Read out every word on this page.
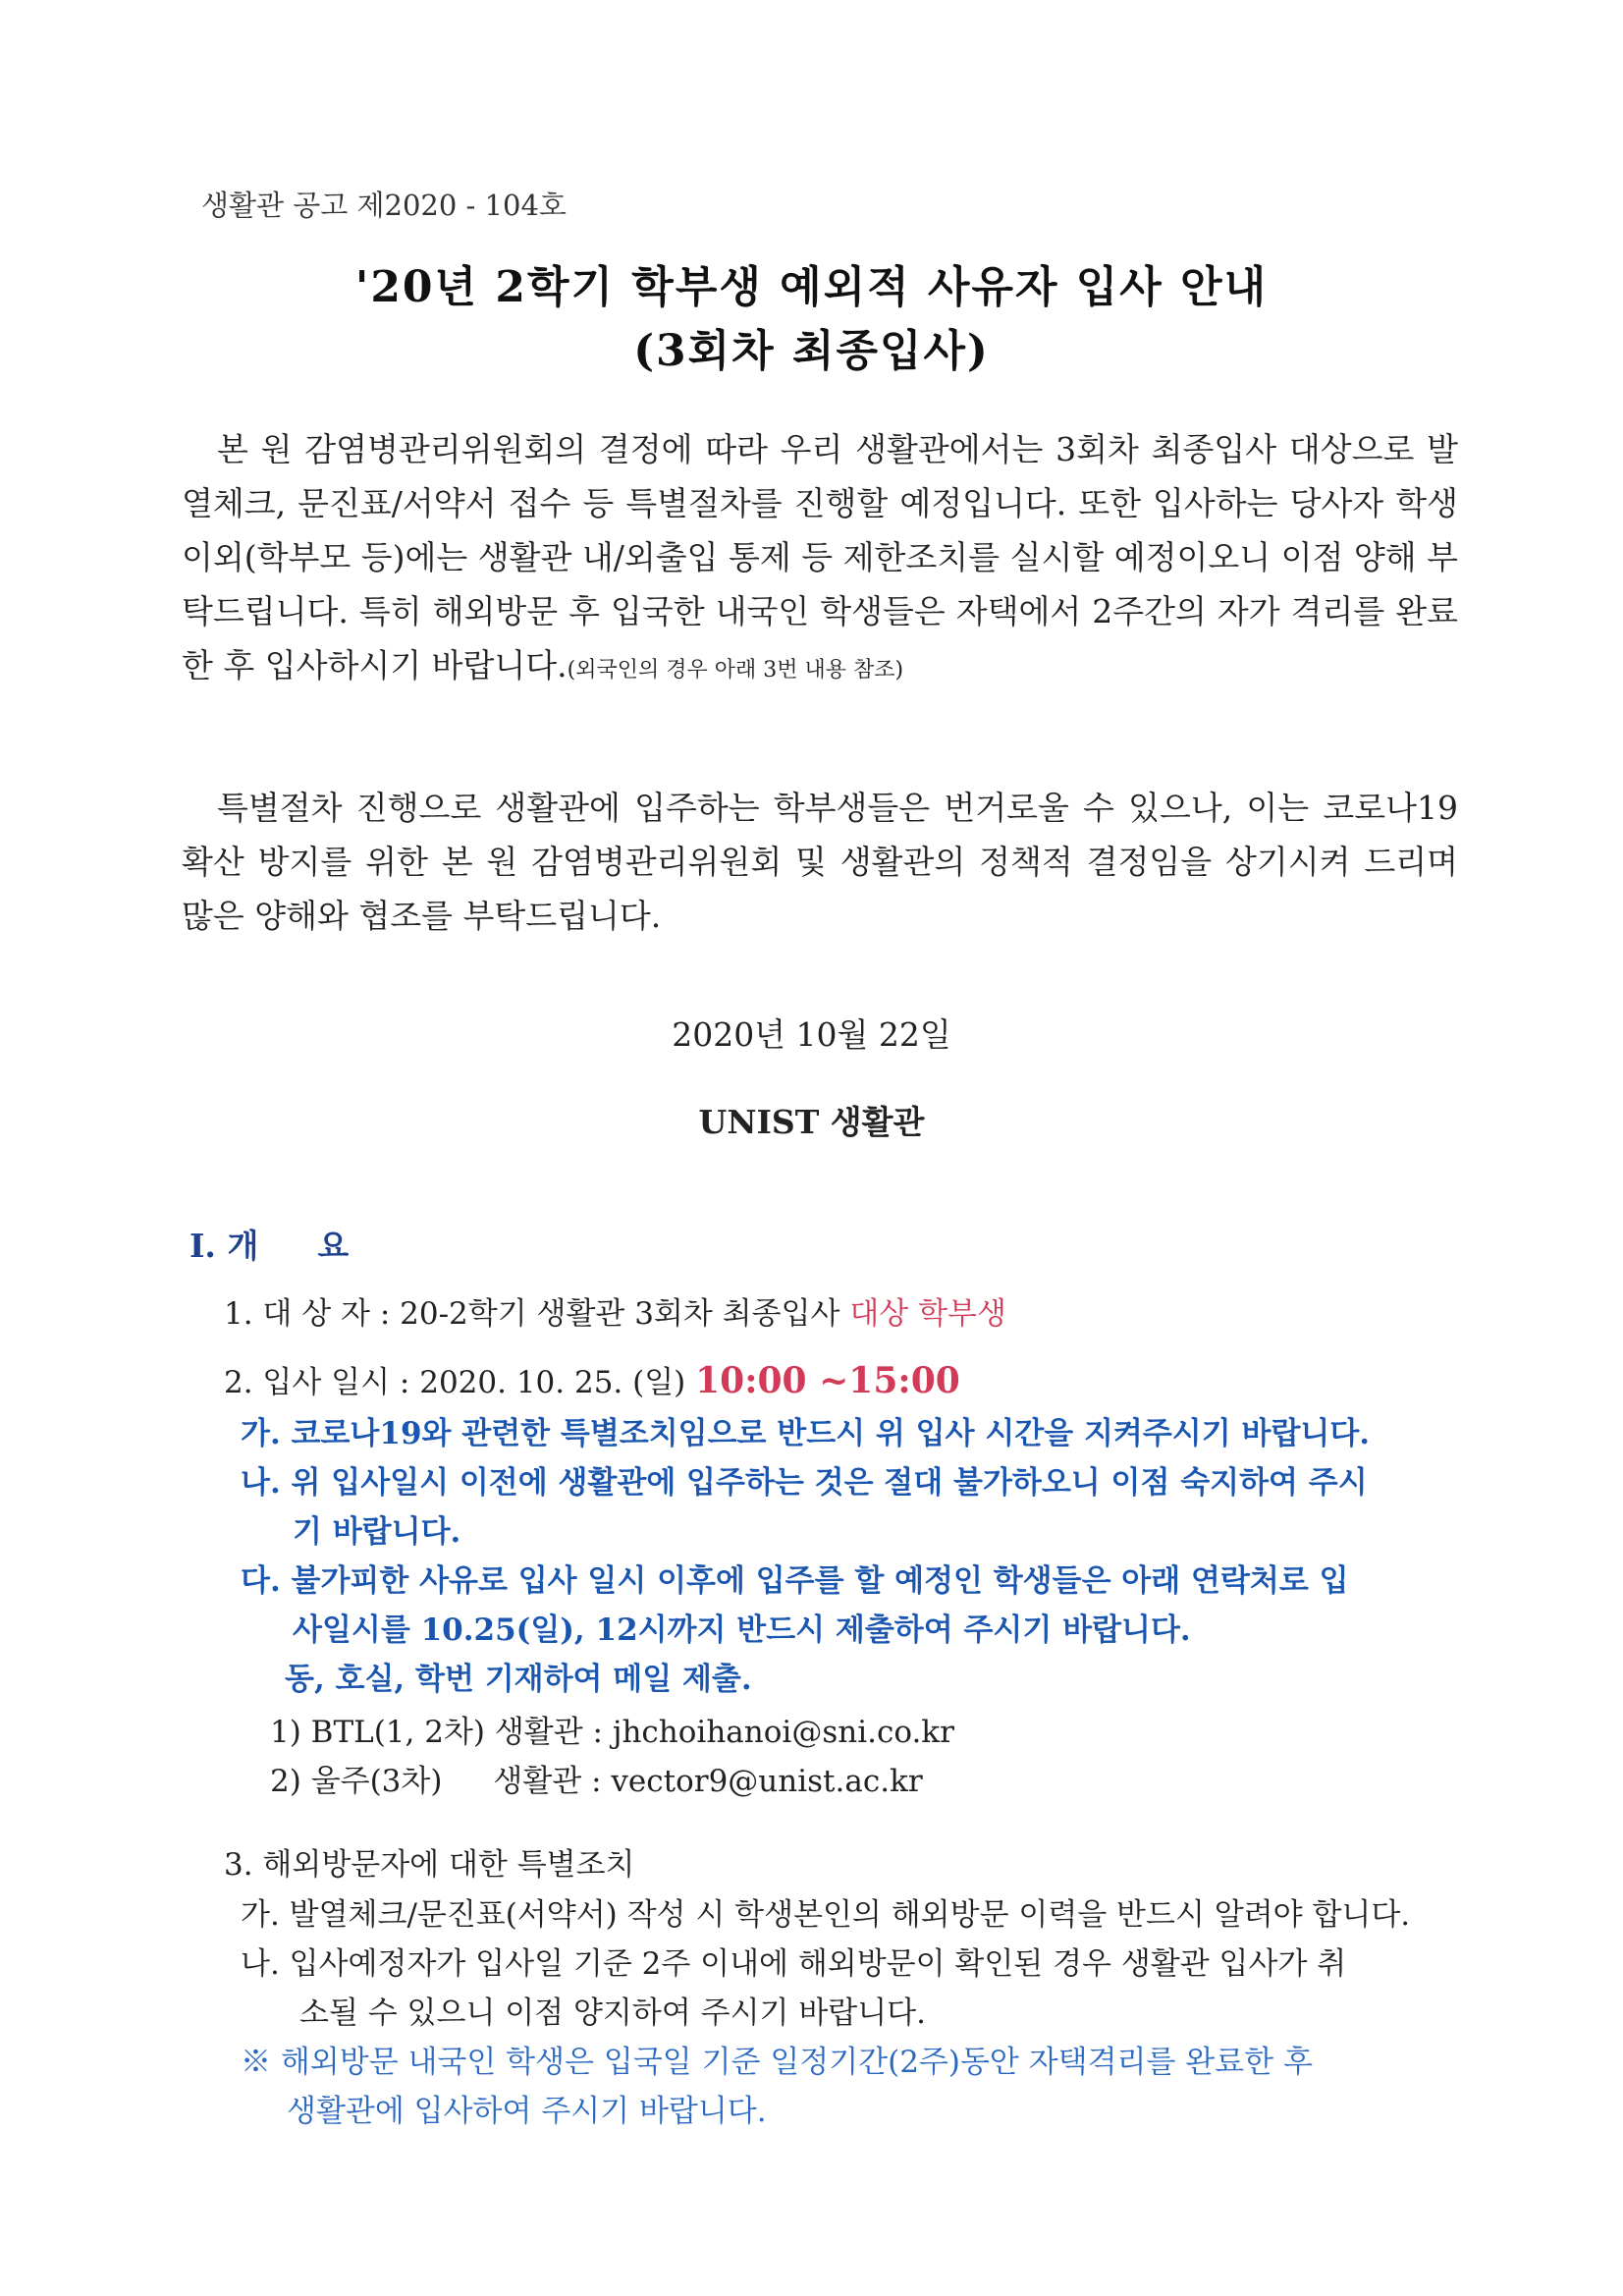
생활관 공고 제2020 - 104호
'20년 2학기 학부생 예외적 사유자 입사 안내
(3회차 최종입사)
본 원 감염병관리위원회의 결정에 따라 우리 생활관에서는 3회차 최종입사 대상으로 발열체크, 문진표/서약서 접수 등 특별절차를 진행할 예정입니다. 또한 입사하는 당사자 학생 이외(학부모 등)에는 생활관 내/외출입 통제 등 제한조치를 실시할 예정이오니 이점 양해 부탁드립니다. 특히 해외방문 후 입국한 내국인 학생들은 자택에서 2주간의 자가 격리를 완료한 후 입사하시기 바랍니다.(외국인의 경우 아래 3번 내용 참조)
특별절차 진행으로 생활관에 입주하는 학부생들은 번거로울 수 있으나, 이는 코로나19 확산 방지를 위한 본 원 감염병관리위원회 및 생활관의 정책적 결정임을 상기시켜 드리며 많은 양해와 협조를 부탁드립니다.
2020년 10월 22일
UNIST 생활관
Ⅰ. 개 요
1. 대 상 자 : 20-2학기 생활관 3회차 최종입사 대상 학부생
2. 입사 일시 : 2020. 10. 25. (일) 10:00 ~15:00
가. 코로나19와 관련한 특별조치임으로 반드시 위 입사 시간을 지켜주시기 바랍니다.
나. 위 입사일시 이전에 생활관에 입주하는 것은 절대 불가하오니 이점 숙지하여 주시
기 바랍니다.
다. 불가피한 사유로 입사 일시 이후에 입주를 할 예정인 학생들은 아래 연락처로 입
사일시를 10.25(일), 12시까지 반드시 제출하여 주시기 바랍니다.
동, 호실, 학번 기재하여 메일 제출.
1) BTL(1, 2차) 생활관 : jhchoihanoi@sni.co.kr
2) 울주(3차) 생활관 : vector9@unist.ac.kr
3. 해외방문자에 대한 특별조치
가. 발열체크/문진표(서약서) 작성 시 학생본인의 해외방문 이력을 반드시 알려야 합니다.
나. 입사예정자가 입사일 기준 2주 이내에 해외방문이 확인된 경우 생활관 입사가 취
소될 수 있으니 이점 양지하여 주시기 바랍니다.
※ 해외방문 내국인 학생은 입국일 기준 일정기간(2주)동안 자택격리를 완료한 후
생활관에 입사하여 주시기 바랍니다.
